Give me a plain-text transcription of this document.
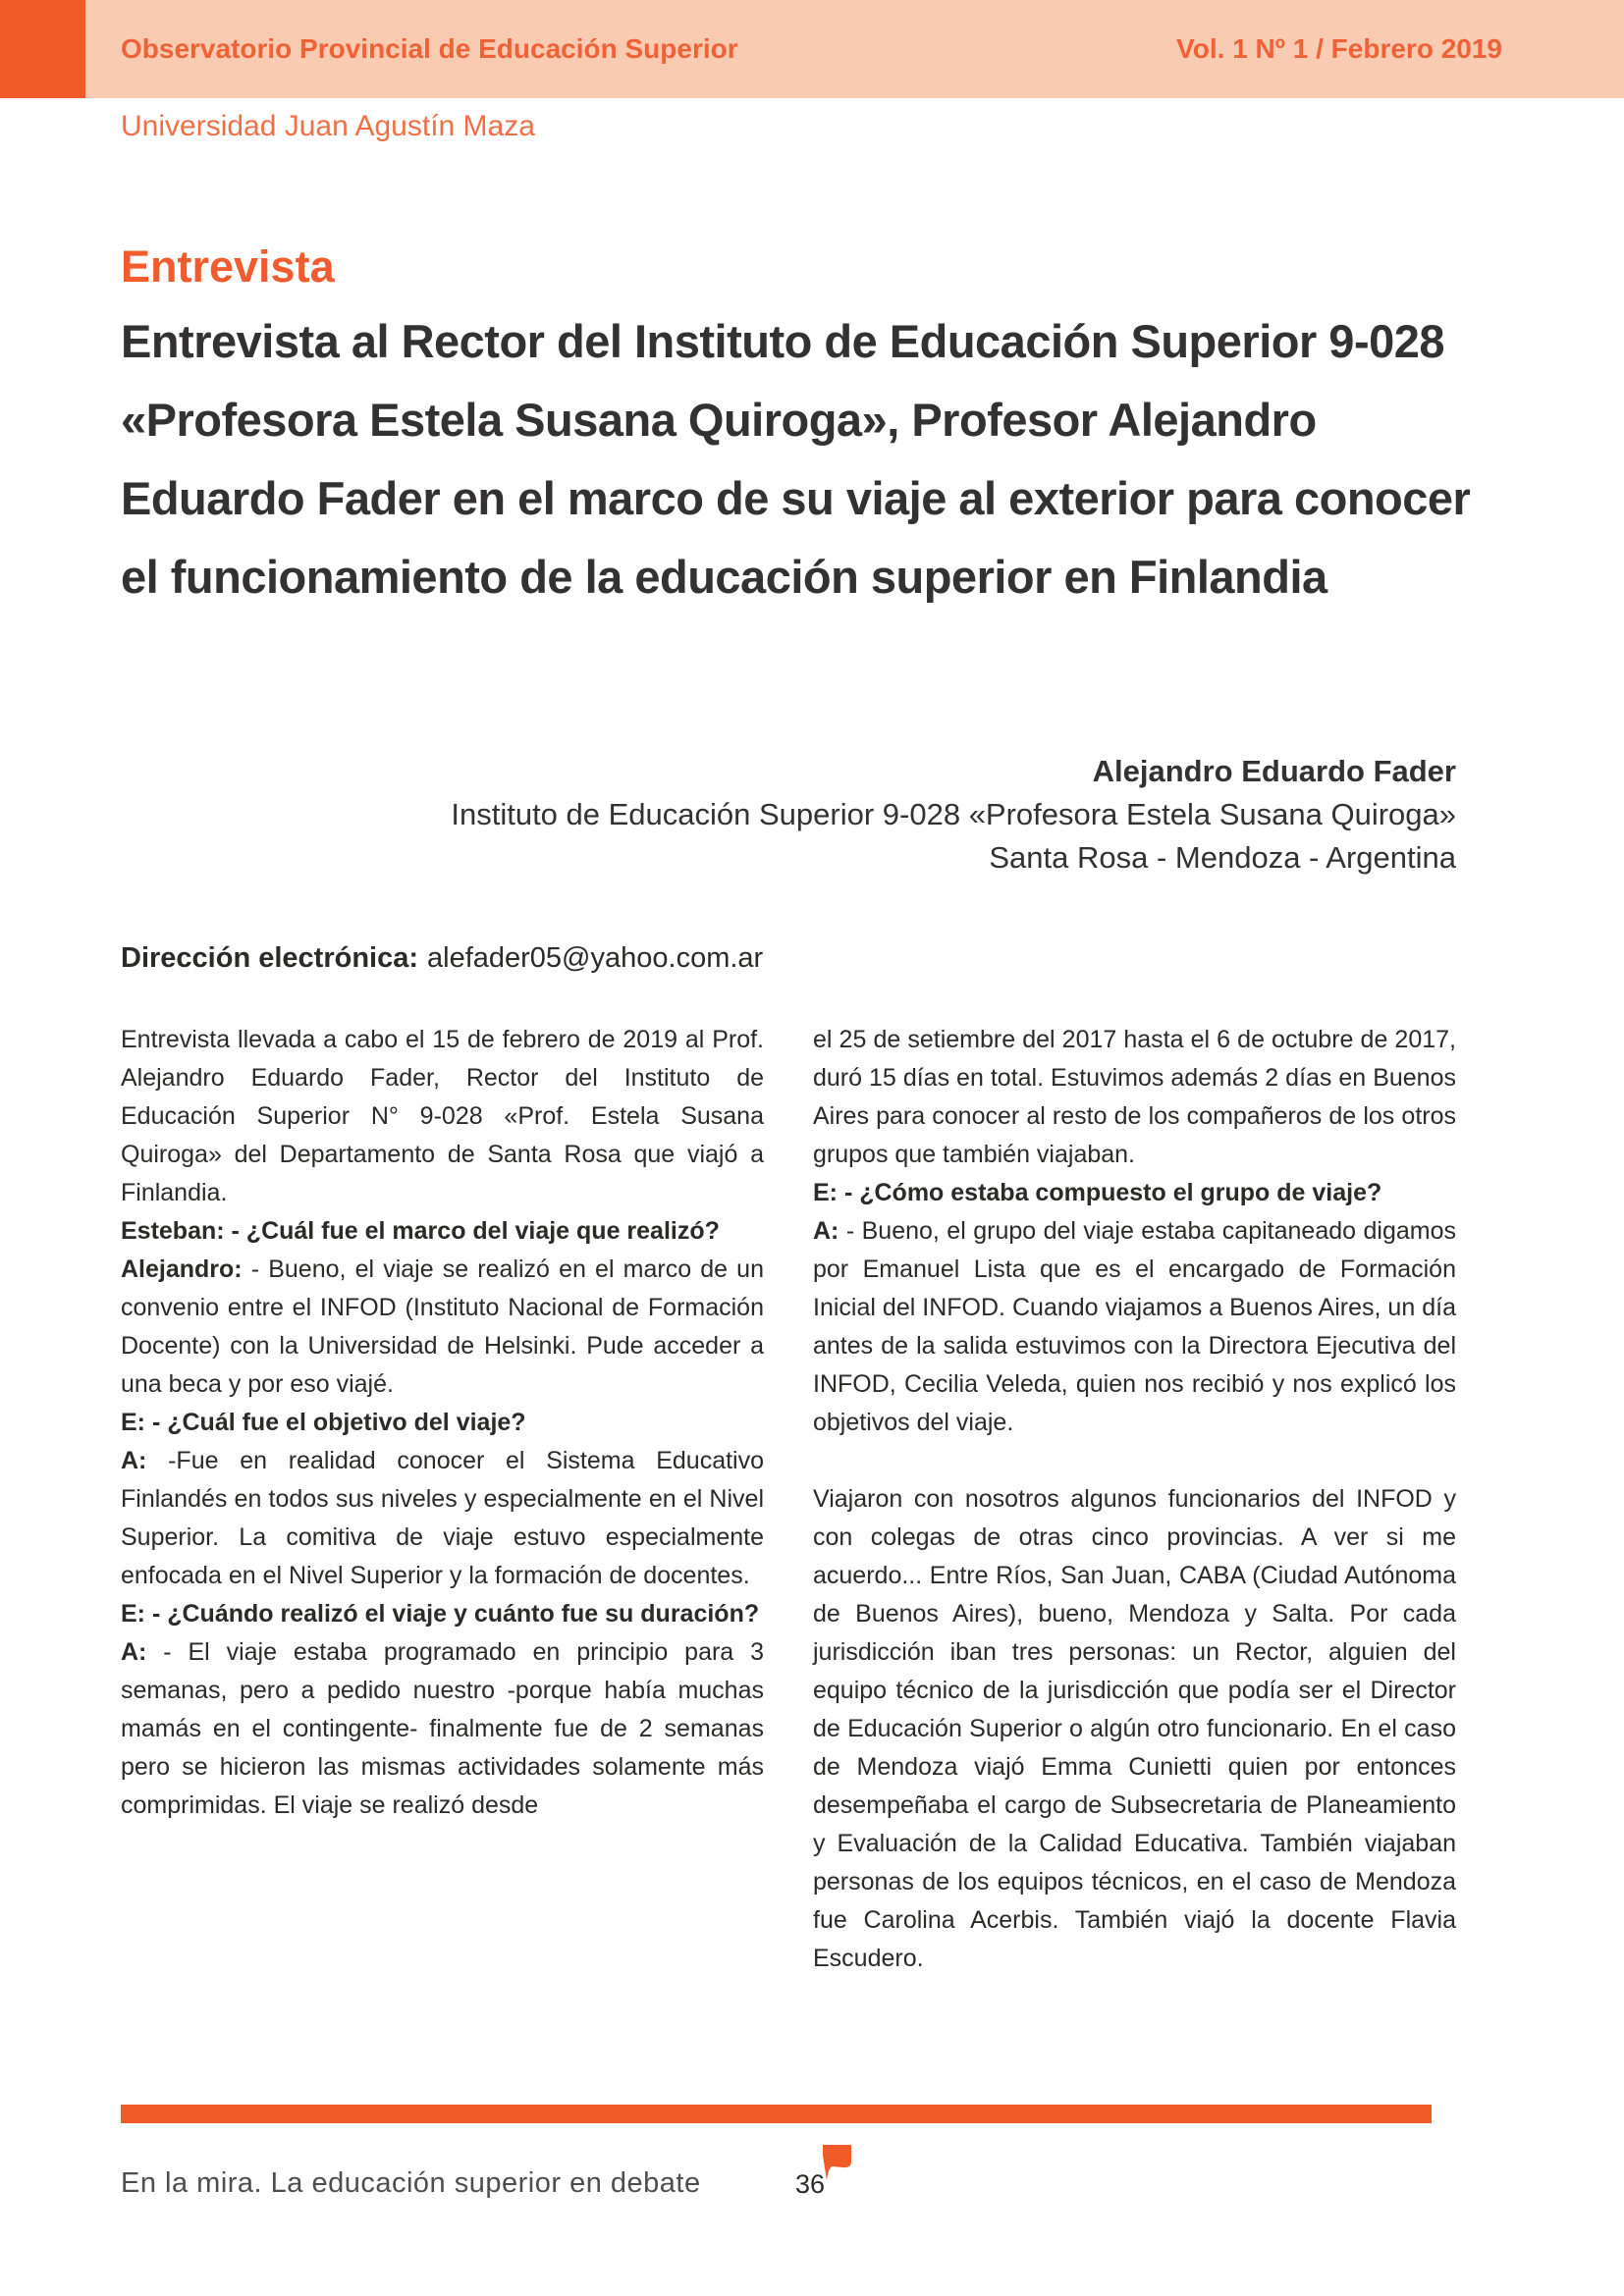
Observatorio Provincial de Educación Superior	Vol. 1 Nº 1 / Febrero 2019
Universidad Juan Agustín Maza
Entrevista
Entrevista al Rector del Instituto de Educación Superior 9-028 «Profesora Estela Susana Quiroga», Profesor Alejandro Eduardo Fader en el marco de su viaje al exterior para conocer el funcionamiento de la educación superior en Finlandia
Alejandro Eduardo Fader
Instituto de Educación Superior 9-028 «Profesora Estela Susana Quiroga»
Santa Rosa - Mendoza - Argentina
Dirección electrónica: alefader05@yahoo.com.ar

Entrevista llevada a cabo el 15 de febrero de 2019 al Prof. Alejandro Eduardo Fader, Rector del Instituto de Educación Superior N° 9-028 «Prof. Estela Susana Quiroga» del Departamento de Santa Rosa que viajó a Finlandia.

Esteban: - ¿Cuál fue el marco del viaje que realizó?

Alejandro: - Bueno, el viaje se realizó en el marco de un convenio entre el INFOD (Instituto Nacional de Formación Docente) con la Universidad de Helsinki. Pude acceder a una beca y por eso viajé.

E: - ¿Cuál fue el objetivo del viaje?

A: -Fue en realidad conocer el Sistema Educativo Finlandés en todos sus niveles y especialmente en el Nivel Superior. La comitiva de viaje estuvo especialmente enfocada en el Nivel Superior y la formación de docentes.

E: - ¿Cuándo realizó el viaje y cuánto fue su duración?

A: - El viaje estaba programado en principio para 3 semanas, pero a pedido nuestro -porque había muchas mamás en el contingente- finalmente fue de 2 semanas pero se hicieron las mismas actividades solamente más comprimidas. El viaje se realizó desde

el 25 de setiembre del 2017 hasta el 6 de octubre de 2017, duró 15 días en total. Estuvimos además 2 días en Buenos Aires para conocer al resto de los compañeros de los otros grupos que también viajaban.

E: - ¿Cómo estaba compuesto el grupo de viaje?

A: - Bueno, el grupo del viaje estaba capitaneado digamos por Emanuel Lista que es el encargado de Formación Inicial del INFOD. Cuando viajamos a Buenos Aires, un día antes de la salida estuvimos con la Directora Ejecutiva del INFOD, Cecilia Veleda, quien nos recibió y nos explicó los objetivos del viaje.

Viajaron con nosotros algunos funcionarios del INFOD y con colegas de otras cinco provincias. A ver si me acuerdo... Entre Ríos, San Juan, CABA (Ciudad Autónoma de Buenos Aires), bueno, Mendoza y Salta. Por cada jurisdicción iban tres personas: un Rector, alguien del equipo técnico de la jurisdicción que podía ser el Director de Educación Superior o algún otro funcionario. En el caso de Mendoza viajó Emma Cunietti quien por entonces desempeñaba el cargo de Subsecretaria de Planeamiento y Evaluación de la Calidad Educativa. También viajaban personas de los equipos técnicos, en el caso de Mendoza fue Carolina Acerbis. También viajó la docente Flavia Escudero.

En la mira. La educación superior en debate	36
